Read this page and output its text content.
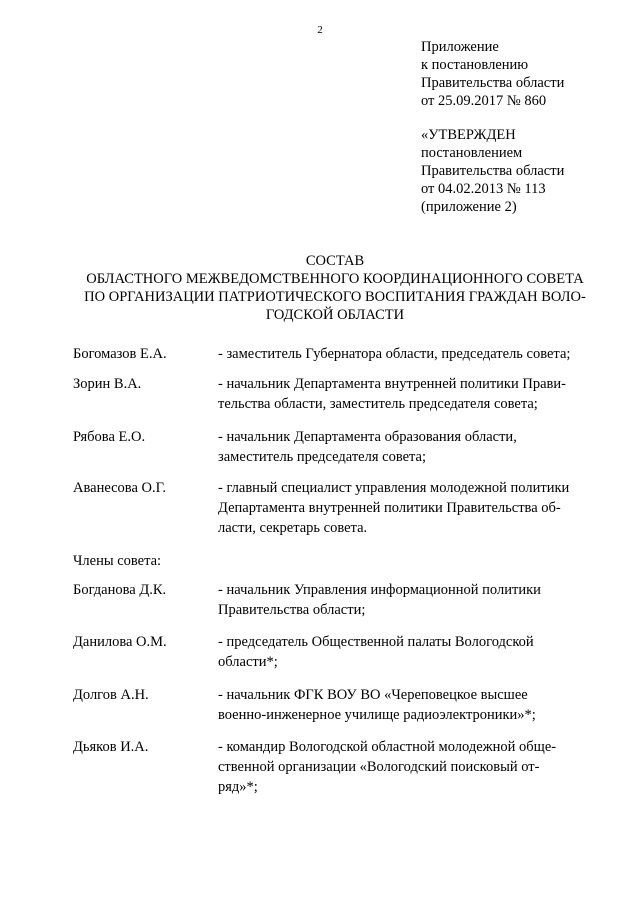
2
Приложение
к постановлению
Правительства области
от 25.09.2017 № 860
«УТВЕРЖДЕН
постановлением
Правительства области
от 04.02.2013 № 113
(приложение 2)
СОСТАВ
ОБЛАСТНОГО МЕЖВЕДОМСТВЕННОГО КООРДИНАЦИОННОГО СОВЕТА
ПО ОРГАНИЗАЦИИ ПАТРИОТИЧЕСКОГО ВОСПИТАНИЯ ГРАЖДАН ВОЛО-
ГОДСКОЙ ОБЛАСТИ
Богомазов Е.А.	- заместитель Губернатора области, председатель совета;
Зорин В.А.	- начальник Департамента внутренней политики Прави-
тельства области, заместитель председателя совета;
Рябова Е.О.	- начальник Департамента образования области,
заместитель председателя совета;
Аванесова О.Г.	- главный специалист управления молодежной политики
Департамента внутренней политики Правительства об-
ласти, секретарь совета.
Члены совета:
Богданова Д.К.	- начальник Управления информационной политики
Правительства области;
Данилова О.М.	- председатель Общественной палаты Вологодской
области*;
Долгов А.Н.	- начальник ФГК ВОУ ВО «Череповецкое высшее
военно-инженерное училище радиоэлектроники»*;
Дьяков И.А.	- командир Вологодской областной молодежной обще-
ственной организации «Вологодский поисковый от-
ряд»*;
